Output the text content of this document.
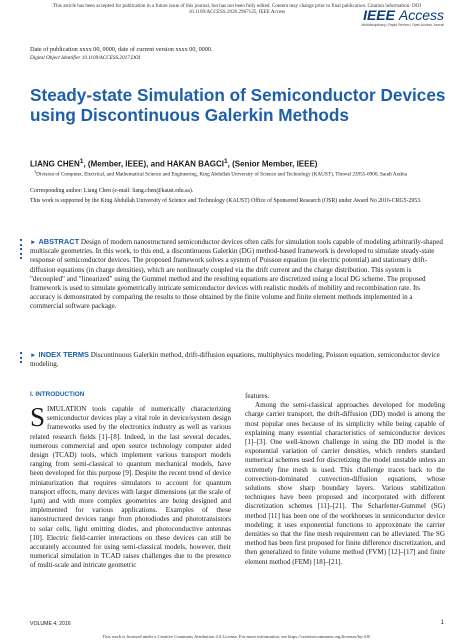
This article has been accepted for publication in a future issue of this journal, but has not been fully edited. Content may change prior to final publication. Citation information: DOI
10.1109/ACCESS.2020.2967125, IEEE Access	IEEE Access
Multidisciplinary | Rapid Review | Open Access Journal
Date of publication xxxx 00, 0000, date of current version xxxx 00, 0000.
Digital Object Identifier 10.1109/ACCESS.2017.DOI
Steady-state Simulation of Semiconductor Devices using Discontinuous Galerkin Methods
LIANG CHEN$^1$, (Member, IEEE), and HAKAN BAGCI$^1$, (Senior Member, IEEE)
$^1$Division of Computer, Electrical, and Mathematical Science and Engineering, King Abdullah University of Science and Technology (KAUST), Thuwal 23955-6900, Saudi Arabia
Corresponding author: Liang Chen (e-mail: liang.chen@kaust.edu.sa).
This work is supported by the King Abdullah University of Science and Technology (KAUST) Office of Sponsored Research (OSR) under Award No 2016-CRG5-2953.
► ABSTRACT Design of modern nanostructured semiconductor devices often calls for simulation tools capable of modeling arbitrarily-shaped multiscale geometries. In this work, to this end, a discontinuous Galerkin (DG) method-based framework is developed to simulate steady-state response of semiconductor devices. The proposed framework solves a system of Poisson equation (in electric potential) and stationary drift-diffusion equations (in charge densities), which are nonlinearly coupled via the drift current and the charge distribution. This system is "decoupled" and "linearized" using the Gummel method and the resulting equations are discretized using a local DG scheme. The proposed framework is used to simulate geometrically intricate semiconductor devices with realistic models of mobility and recombination rate. Its accuracy is demonstrated by comparing the results to those obtained by the finite volume and finite element methods implemented in a commercial software package.
► INDEX TERMS Discontinuous Galerkin method, drift-diffusion equations, multiphysics modeling, Poisson equation, semiconductor device modeling.
I. INTRODUCTION

SIMULATION tools capable of numerically characterizing semiconductor devices play a vital role in device/system design frameworks used by the electronics industry as well as various related research fields [1]–[8]. Indeed, in the last several decades, numerous commercial and open source technology computer aided design (TCAD) tools, which implement various transport models ranging from semi-classical to quantum mechanical models, have been developed for this purpose [9]. Despite the recent trend of device miniaturization that requires simulators to account for quantum transport effects, many devices with larger dimensions (at the scale of 1μm) and with more complex geometries are being designed and implemented for various applications. Examples of these nanostructured devices range from photodiodes and phototransistors to solar cells, light emitting diodes, and photoconductive antennas [10]. Electric field-carrier interactions on these devices can still be accurately accounted for using semi-classical models, however, their numerical simulation in TCAD raises challenges due to the presence of multi-scale and intricate geometric

features.

Among the semi-classical approaches developed for modeling charge carrier transport, the drift-diffusion (DD) model is among the most popular ones because of its simplicity while being capable of explaining many essential characteristics of semiconductor devices [1]–[3]. One well-known challenge in using the DD model is the exponential variation of carrier densities, which renders standard numerical schemes used for discretizing the model unstable unless an extremely fine mesh is used. This challenge traces back to the convection-dominated convection-diffusion equations, whose solutions show sharp boundary layers. Various stabilization techniques have been proposed and incorporated with different discretization schemes [11]–[21]. The Scharfetter-Gummel (SG) method [11] has been one of the workhorses in semiconductor device modeling; it uses exponential functions to approximate the carrier densities so that the fine mesh requirement can be alleviated. The SG method has been first proposed for finite difference discretization, and then generalized to finite volume method (FVM) [12]–[17] and finite element method (FEM) [18]–[21].

VOLUME 4, 2016	1
This work is licensed under a Creative Commons Attribution 4.0 License. For more information, see https://creativecommons.org/licenses/by/4.0/.
